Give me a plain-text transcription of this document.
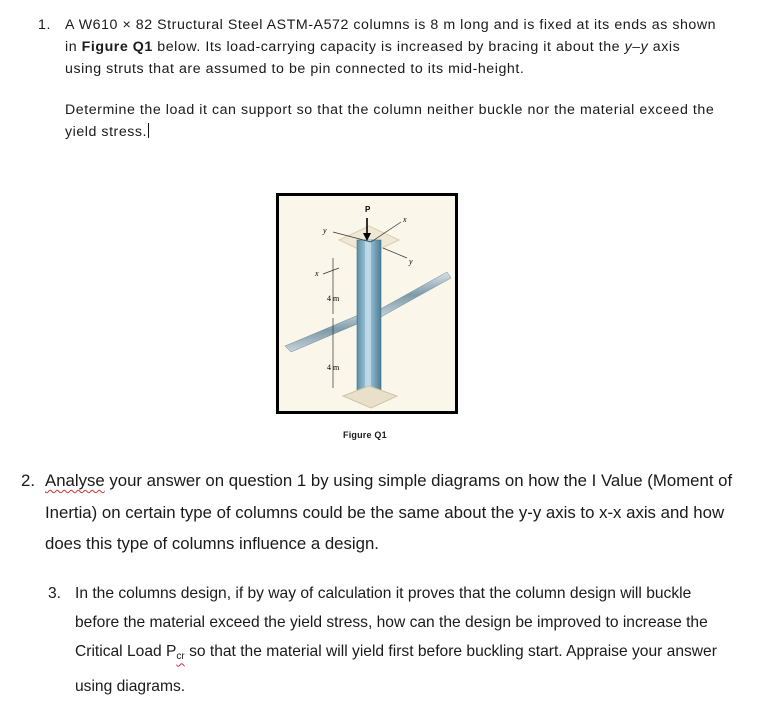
1. A W610 × 82 Structural Steel ASTM-A572 columns is 8 m long and is fixed at its ends as shown in Figure Q1 below. Its load-carrying capacity is increased by bracing it about the y–y axis using struts that are assumed to be pin connected to its mid-height.
Determine the load it can support so that the column neither buckle nor the material exceed the yield stress.
P
x
y
x
y
4 m
4 m
Figure Q1
2. Analyse your answer on question 1 by using simple diagrams on how the I Value (Moment of Inertia) on certain type of columns could be the same about the y-y axis to x-x axis and how does this type of columns influence a design.
3. In the columns design, if by way of calculation it proves that the column design will buckle before the material exceed the yield stress, how can the design be improved to increase the Critical Load $P_{cr}$ so that the material will yield first before buckling start. Appraise your answer using diagrams.
